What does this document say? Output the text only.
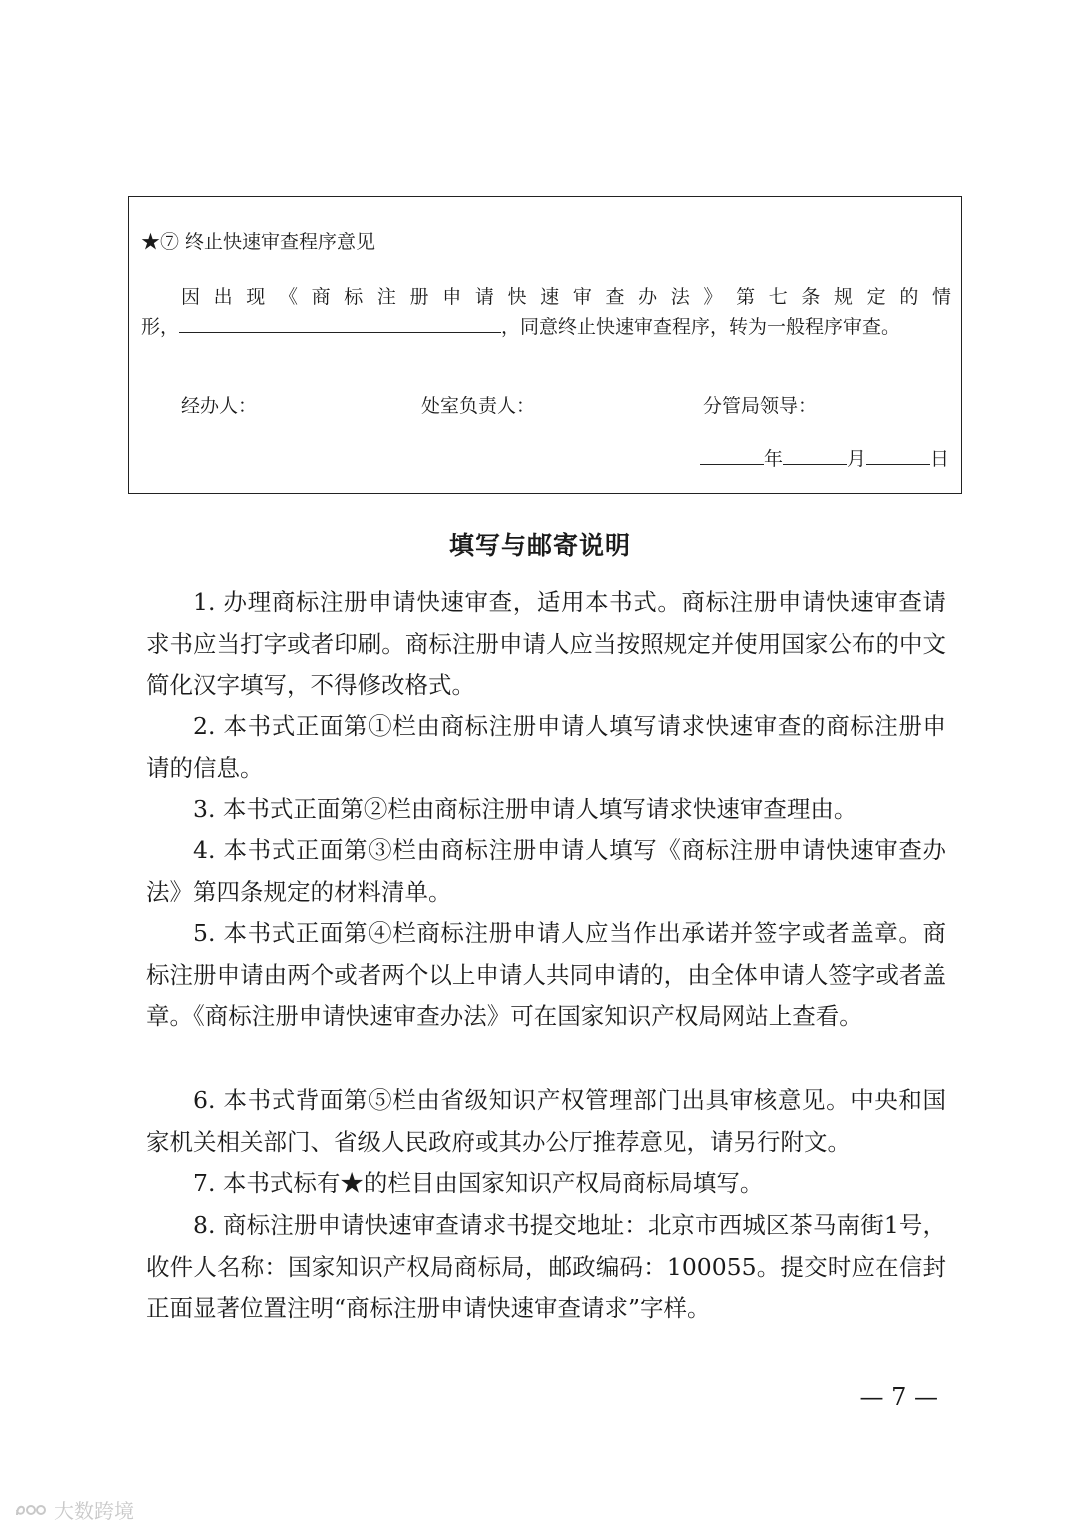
★⑦ 终止快速审查程序意见
因出现《商标注册申请快速审查办法》第七条规定的情
形，	，同意终止快速审查程序，转为一般程序审查。
经办人：	处室负责人：	分管局领导：
年	月	日
填写与邮寄说明
1. 办理商标注册申请快速审查，适用本书式。商标注册申请快速审查请求书应当打字或者印刷。商标注册申请人应当按照规定并使用国家公布的中文简化汉字填写，不得修改格式。
2. 本书式正面第①栏由商标注册申请人填写请求快速审查的商标注册申请的信息。
3. 本书式正面第②栏由商标注册申请人填写请求快速审查理由。
4. 本书式正面第③栏由商标注册申请人填写《商标注册申请快速审查办法》第四条规定的材料清单。
5. 本书式正面第④栏商标注册申请人应当作出承诺并签字或者盖章。商标注册申请由两个或者两个以上申请人共同申请的，由全体申请人签字或者盖章。《商标注册申请快速审查办法》可在国家知识产权局网站上查看。
6. 本书式背面第⑤栏由省级知识产权管理部门出具审核意见。中央和国家机关相关部门、省级人民政府或其办公厅推荐意见，请另行附文。
7. 本书式标有★的栏目由国家知识产权局商标局填写。
8. 商标注册申请快速审查请求书提交地址：北京市西城区茶马南街1号，收件人名称：国家知识产权局商标局，邮政编码：100055。提交时应在信封正面显著位置注明“商标注册申请快速审查请求”字样。
— 7 —
大数跨境
